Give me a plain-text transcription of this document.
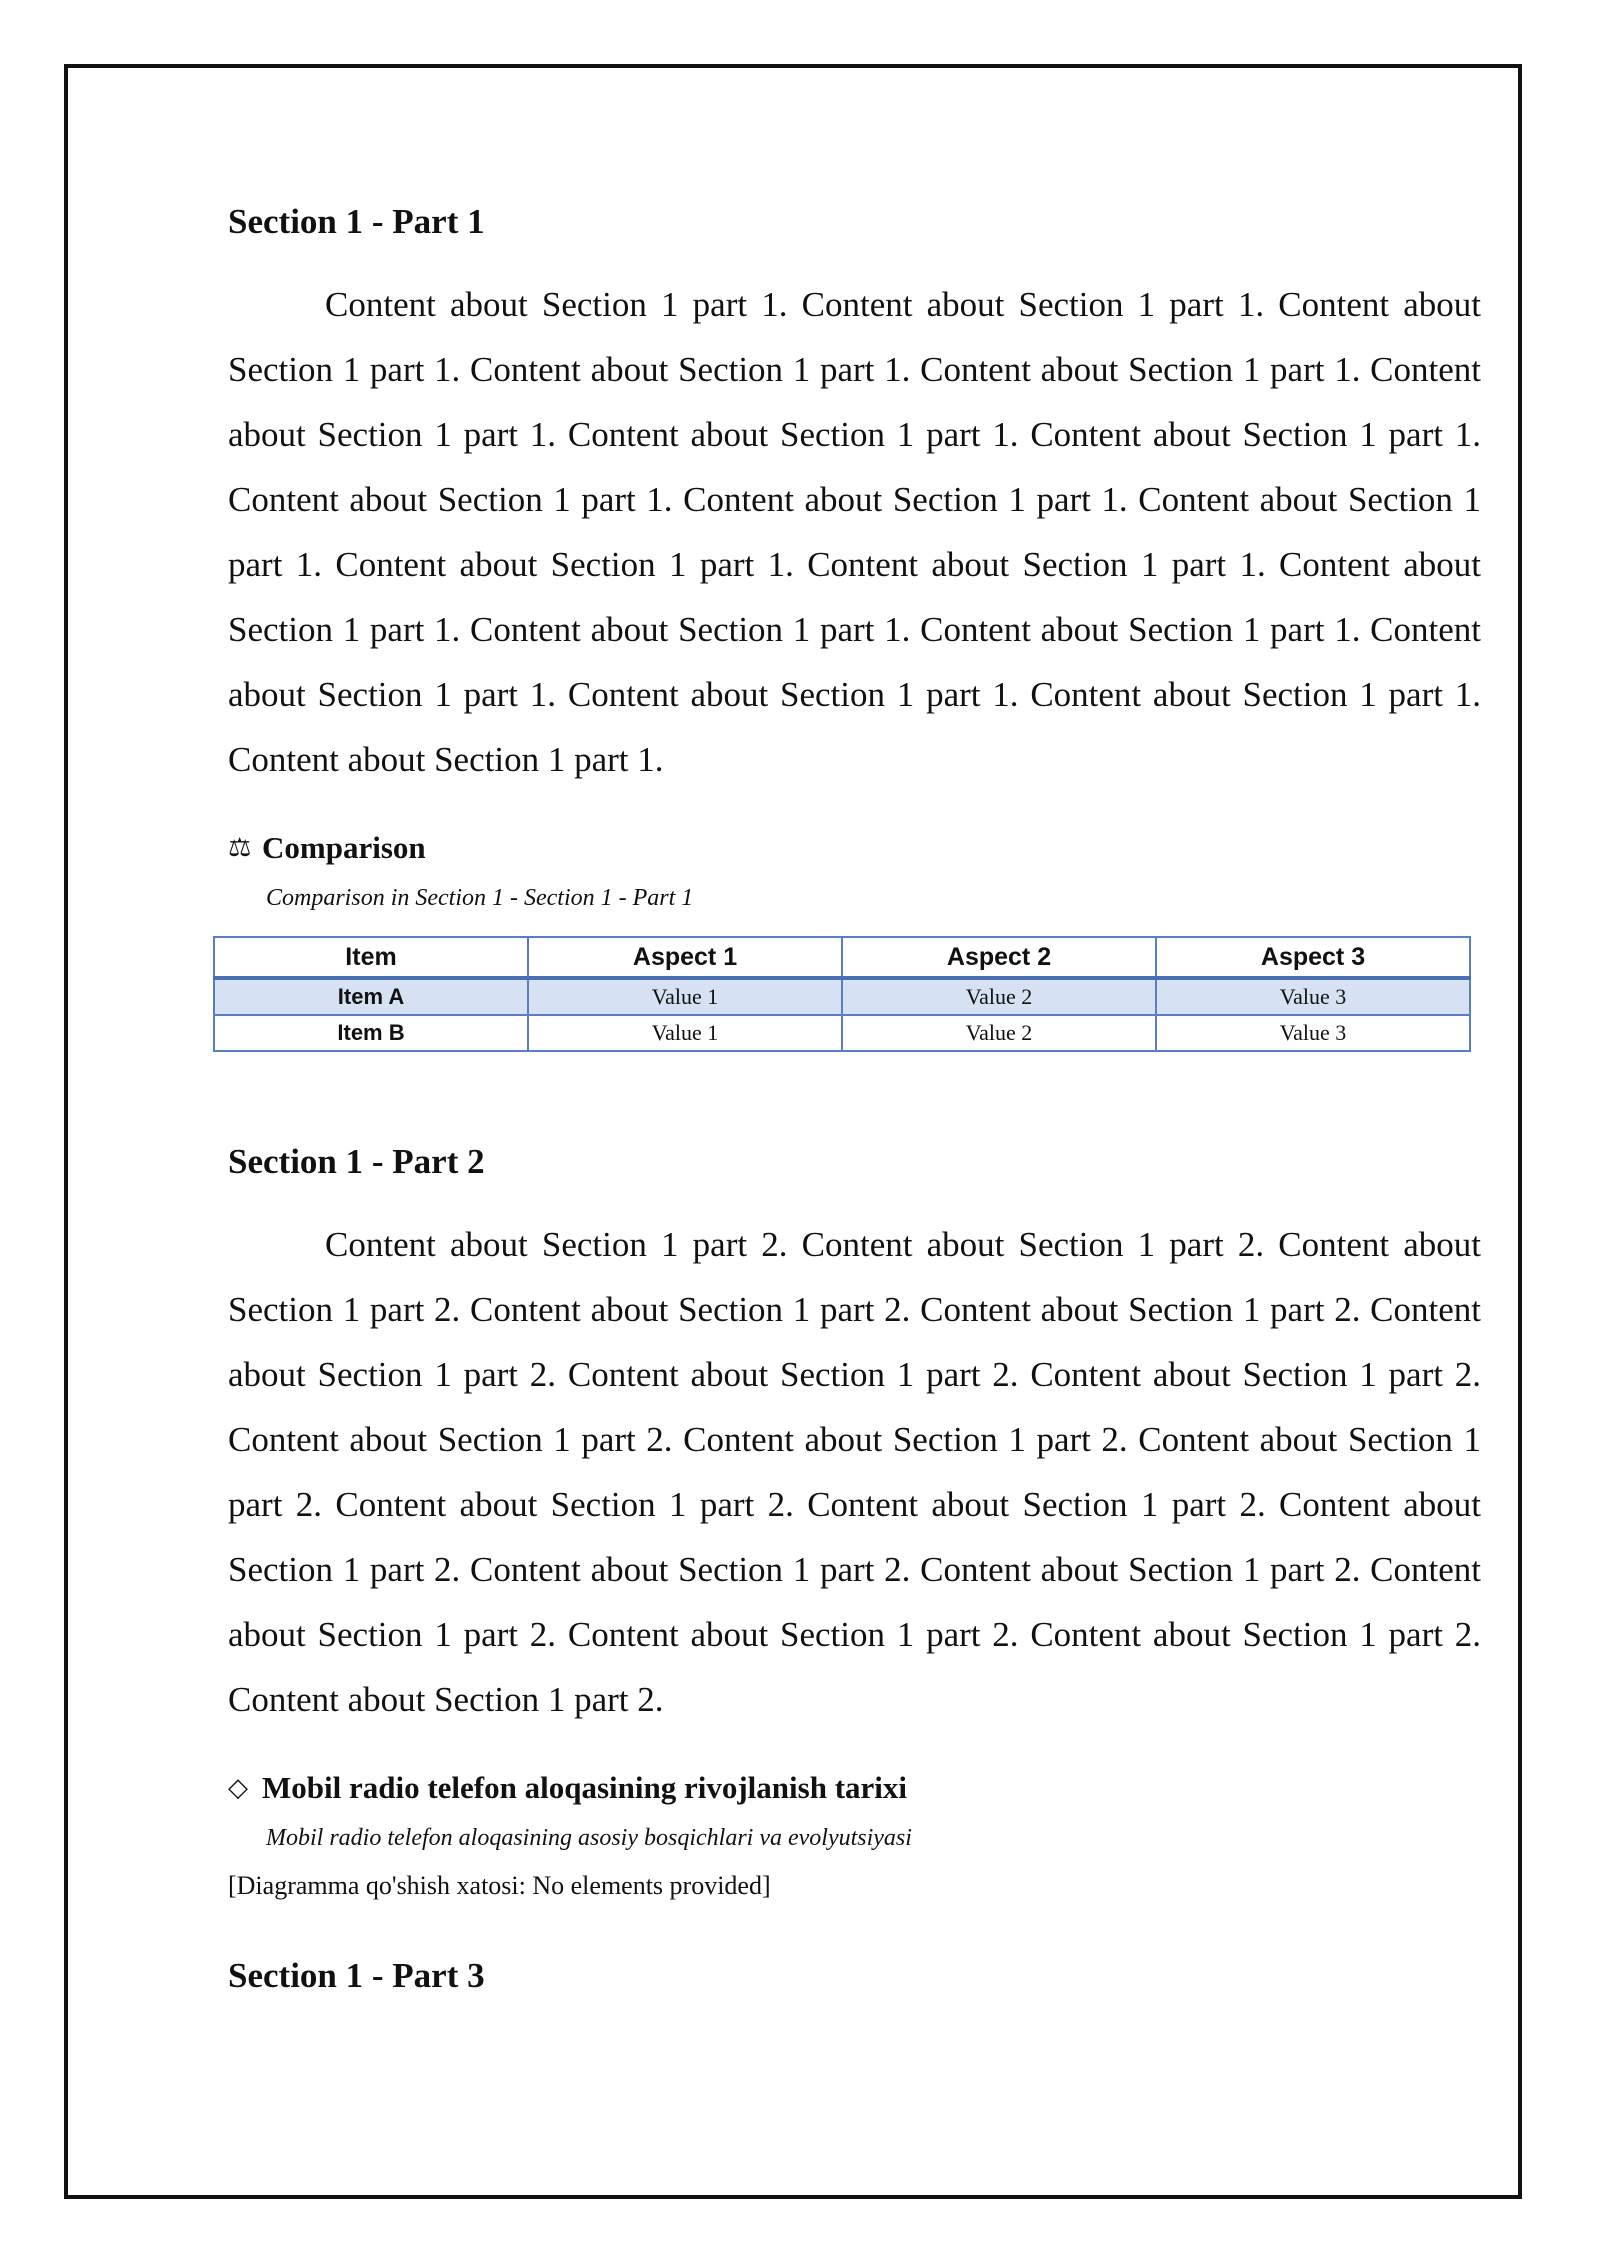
Section 1 - Part 1

Content about Section 1 part 1. Content about Section 1 part 1. Content about Section 1 part 1. Content about Section 1 part 1. Content about Section 1 part 1. Content about Section 1 part 1. Content about Section 1 part 1. Content about Section 1 part 1. Content about Section 1 part 1. Content about Section 1 part 1. Content about Section 1 part 1. Content about Section 1 part 1. Content about Section 1 part 1. Content about Section 1 part 1. Content about Section 1 part 1. Content about Section 1 part 1. Content about Section 1 part 1. Content about Section 1 part 1. Content about Section 1 part 1. Content about Section 1 part 1.

⚖ Comparison
Comparison in Section 1 - Section 1 - Part 1
Item	Aspect 1	Aspect 2	Aspect 3
Item A	Value 1	Value 2	Value 3
Item B	Value 1	Value 2	Value 3
Section 1 - Part 2

Content about Section 1 part 2. Content about Section 1 part 2. Content about Section 1 part 2. Content about Section 1 part 2. Content about Section 1 part 2. Content about Section 1 part 2. Content about Section 1 part 2. Content about Section 1 part 2. Content about Section 1 part 2. Content about Section 1 part 2. Content about Section 1 part 2. Content about Section 1 part 2. Content about Section 1 part 2. Content about Section 1 part 2. Content about Section 1 part 2. Content about Section 1 part 2. Content about Section 1 part 2. Content about Section 1 part 2. Content about Section 1 part 2. Content about Section 1 part 2.

◇ Mobil radio telefon aloqasining rivojlanish tarixi
Mobil radio telefon aloqasining asosiy bosqichlari va evolyutsiyasi
[Diagramma qo'shish xatosi: No elements provided]
Section 1 - Part 3
